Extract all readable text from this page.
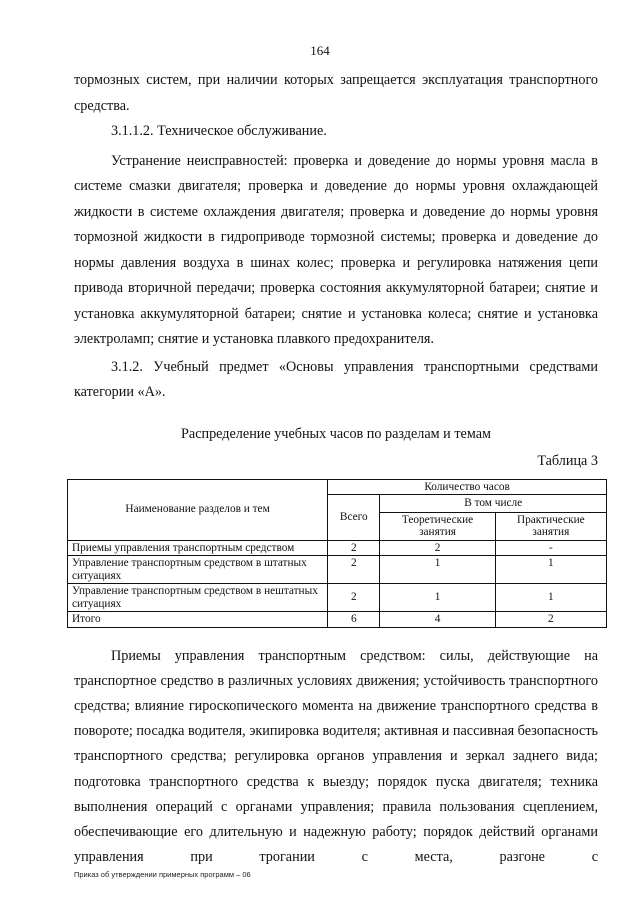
164

тормозных систем, при наличии которых запрещается эксплуатация транспортного средства.

3.1.1.2. Техническое обслуживание.

Устранение неисправностей: проверка и доведение до нормы уровня масла в системе смазки двигателя; проверка и доведение до нормы уровня охлаждающей жидкости в системе охлаждения двигателя; проверка и доведение до нормы уровня тормозной жидкости в гидроприводе тормозной системы; проверка и доведение до нормы давления воздуха в шинах колес; проверка и регулировка натяжения цепи привода вторичной передачи; проверка состояния аккумуляторной батареи; снятие и установка аккумуляторной батареи; снятие и установка колеса; снятие и установка электроламп; снятие и установка плавкого предохранителя.

3.1.2. Учебный предмет «Основы управления транспортными средствами категории «А».

Распределение учебных часов по разделам и темам

Таблица 3

Наименование разделов и тем	Количество часов		
	Всего	В том числе	
		Теоретические занятия	Практические занятия
Приемы управления транспортным средством	2	2	-
Управление транспортным средством в штатных ситуациях	2	1	1
Управление транспортным средством в нештатных ситуациях	2	1	1
Итого	6	4	2

Приемы управления транспортным средством: силы, действующие на транспортное средство в различных условиях движения; устойчивость транспортного средства; влияние гироскопического момента на движение транспортного средства в повороте; посадка водителя, экипировка водителя; активная и пассивная безопасность транспортного средства; регулировка органов управления и зеркал заднего вида; подготовка транспортного средства к выезду; порядок пуска двигателя; техника выполнения операций с органами управления; правила пользования сцеплением, обеспечивающие его длительную и надежную работу; порядок действий органами управления при трогании с места, разгоне с

Приказ об утверждении примерных программ – 06
